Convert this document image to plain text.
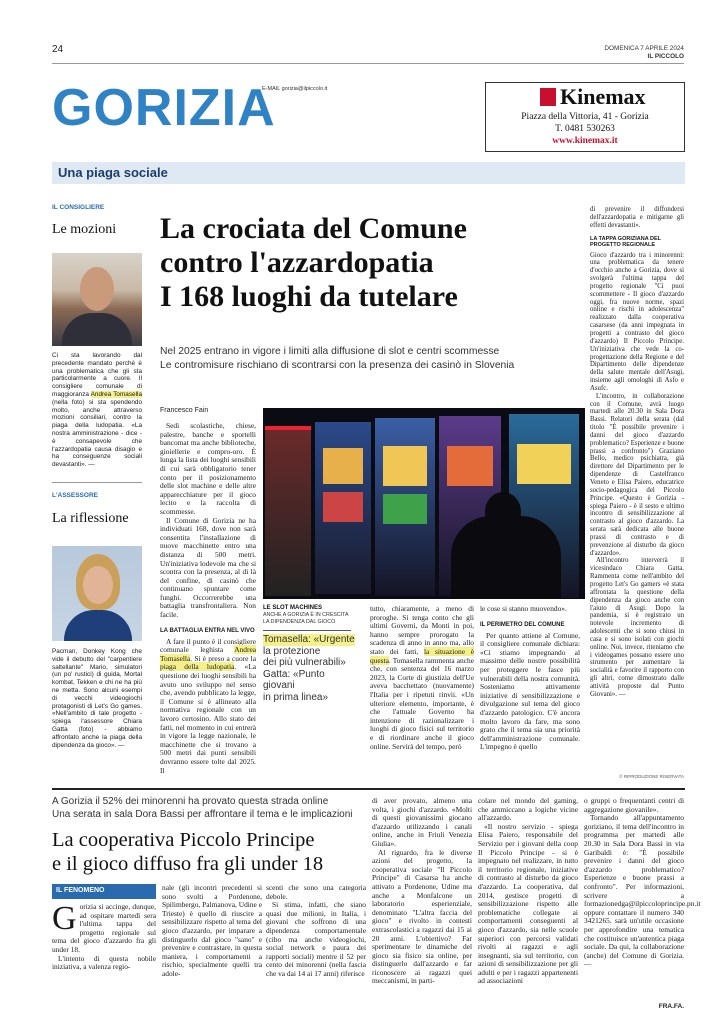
24	DOMENICA 7 APRILE 2024
IL PICCOLO
GORIZIA
E-MAIL gorizia@ilpiccolo.it	Kinemax
Piazza della Vittoria, 41 - Gorizia
T. 0481 530263
www.kinemax.it
Una piaga sociale
IL CONSIGLIERE
Le mozioni
Ci sta lavorando dal precedente mandato perché è una problematica che gli sta particolarmente a cuore. Il consigliere comunale di maggioranza Andrea Tomasella (nella foto) si sta spendendo molto, anche attraverso mozioni consiliari, contro la piaga della ludopatia. «La nostra amministrazione - dice - è consapevole che l'azzardopatia causa disagio e ha conseguenze sociali devastanti». —
L'ASSESSORE
La riflessione
Pacman, Donkey Kong che vide il debutto del "carpentiere saltellante" Mario, simulatori (un po' rustici) di guida, Mortal kombat, Tekken e chi ne ha più ne metta. Sono alcuni esempi di vecchi videogiochi protagonisti di Let's Go games. «Nell'ambito di tale progetto - spiega l'assessore Chiara Gatta (foto) - abbiamo affrontato anche la piaga della dipendenza da gioco». —
La crociata del Comune
contro l'azzardopatia
I 168 luoghi da tutelare
Nel 2025 entrano in vigore i limiti alla diffusione di slot e centri scommesse
Le contromisure rischiano di scontrarsi con la presenza dei casinò in Slovenia
Francesco Fain

Sedi scolastiche, chiese, palestre, banche e sportelli bancomat ma anche biblioteche, gioiellerie e compro-oro. È lunga la lista dei luoghi sensibili di cui sarà obbligatorio tener conto per il posizionamento delle slot machine e delle altre apparecchiature per il gioco lecito e la raccolta di scommesse.

Il Comune di Gorizia ne ha individuati 168, dove non sarà consentita l'installazione di nuove macchinette entro una distanza di 500 metri. Un'iniziativa lodevole ma che si scontra con la presenza, al di là del confine, di casinò che continuano spuntare come funghi. Occorrerebbe una battaglia transfrontaliera. Non facile.

LA BATTAGLIA ENTRA NEL VIVO

A fare il punto è il consigliere comunale leghista Andrea Tomasella. Si è preso a cuore la piaga della ludopatia. «La questione dei luoghi sensibili ha avuto uno sviluppo nel senso che, avendo pubblicato la legge, il Comune si è allineato alla normativa regionale con un lavoro certosino. Allo stato dei fatti, nel momento in cui entrerà in vigore la legge nazionale, le macchinette che si trovano a 500 metri dai punti sensibili dovranno essere tolte dal 2025. Il

LE SLOT MACHINES
ANCHE A GORIZIA È IN CRESCITA
LA DIPENDENZA DAL GIOCO
Tomasella: «Urgente
la protezione
dei più vulnerabili»
Gatta: «Punto giovani
in prima linea»

tutto, chiaramente, a meno di proroghe. Si tenga conto che gli ultimi Governi, da Monti in poi, hanno sempre prorogato la scadenza di anno in anno ma, allo stato dei fatti, la situazione è questa. Tomasella rammenta anche che, con sentenza del 16 marzo 2023, la Corte di giustizia dell'Ue aveva bacchettato (nuovamente) l'Italia per i ripetuti rinvii. «Un ulteriore elemento, importante, è che l'attuale Governo ha intenzione di razionalizzare i luoghi di gioco fisici sul territorio e di riordinare anche il gioco online. Servirà del tempo, però

le cose si stanno muovendo».

IL PERIMETRO DEL COMUNE

Per quanto attiene al Comune, il consigliere comunale dichiara: «Ci stiamo impegnando al massimo delle nostre possibilità per proteggere le fasce più vulnerabili della nostra comunità. Sosteniamo attivamente iniziative di sensibilizzazione e divulgazione sul tema del gioco d'azzardo patologico. C'è ancora molto lavoro da fare, ma sono grato che il tema sia una priorità dell'amministrazione comunale. L'impegno è quello

di prevenire il diffondersi dell'azzardopatia e mitigarne gli effetti devastanti».

LA TAPPA GORIZIANA DEL PROGETTO REGIONALE

Gioco d'azzardo tra i minorenni: una problematica da tenere d'occhio anche a Gorizia, dove si svolgerà l'ultima tappa del progetto regionale "Ci puoi scommettere - Il gioco d'azzardo oggi, fra nuove norme, spazi online e rischi in adolescenza" realizzato dalla cooperativa casarsese (da anni impegnata in progetti a contrasto del gioco d'azzardo) Il Piccolo Principe. Un'iniziativa che vede la co-progettazione della Regione e del Dipartimento delle dipendenze della salute mentale dell'Asugi, insieme agli omologhi di Asfo e Asufc.

L'incontro, in collaborazione con il Comune, avrà luogo martedì alle 20.30 in Sala Dora Bassi. Relatori della serata (dal titolo "È possibile prevenire i danni del gioco d'azzardo problematico? Esperienze e buone prassi a confronto") Graziano Bello, medico psichiatra, già direttore del Dipartimento per le dipendenze di Castelfranco Veneto e Elisa Paiero, educatrice socio-pedagogica del Piccolo Principe. «Questo è Gorizia - spiega Paiero - è il sesto e ultimo incontro di sensibilizzazione al contrasto al gioco d'azzardo. La serata sarà dedicata alle buone prassi di contrasto e di prevenzione al disturbo da gioco d'azzardo».

All'incontro interverrà il vicesindaco Chiara Gatta. Rammenta come nell'ambito del progetto Let's Go gamers «è stata affrontata la questione della dipendenza da gioco anche con l'aiuto di Asugi. Dopo la pandemia, si è registrato un notevole incremento di adolescenti che si sono chiusi in casa e si sono isolati con giochi online. Noi, invece, riteniamo che i videogames possano essere uno strumento per aumentare la socialità e favorire il rapporto con gli altri, come dimostrato dalle attività proposte dal Punto Giovani». —

© RIPRODUZIONE RISERVATA
A Gorizia il 52% dei minorenni ha provato questa strada online
Una serata in sala Dora Bassi per affrontare il tema e le implicazioni
La cooperativa Piccolo Principe
e il gioco diffuso fra gli under 18
IL FENOMENO
G orizia si accinge, dunque, ad ospitare martedì sera l'ultima tappa del progetto regionale sul tema del gioco d'azzardo fra gli under 18.

L'intento di questa nobile iniziativa, a valenza regio-

nale (gli incontri precedenti si sono svolti a Pordenone, Spilimbergo, Palmanova, Udine e Trieste) è quello di riuscire a sensibilizzare rispetto al tema del gioco d'azzardo, per imparare a distinguerlo dal gioco "sano" e prevenire e contrastare, in questa maniera, i comportamenti a rischio, specialmente quelli tra adole-

scenti che sono una categoria debole.

Si stima, infatti, che siano quasi due milioni, in Italia, i giovani che soffrono di una dipendenza comportamentale (cibo ma anche videogiochi, social network e paura dei rapporti sociali) mentre il 52 per cento dei minorenni (nella fascia che va dai 14 ai 17 anni) riferisce

di aver provato, almeno una volta, i giochi d'azzardo. «Molti di questi giovanissimi giocano d'azzardo utilizzando i canali online, anche in Friuli Venezia Giulia».

Al riguardo, fra le diverse azioni del progetto, la cooperativa sociale "Il Piccolo Principe" di Casarsa ha anche attivato a Pordenone, Udine ma anche a Monfalcone un laboratorio esperienziale, denominato "L'altra faccia del gioco" e rivolto in contesti extrascolastici a ragazzi dai 15 ai 20 anni. L'obiettivo? Far sperimentare le dinamiche del gioco sia fisico sia online, per distinguerlo dall'azzardo e far riconoscere ai ragazzi quei meccanismi, in parti-

colare nel mondo del gaming, che ammiccano a logiche vicine all'azzardo.

«Il nostro servizio - spiega Elisa Paiero, responsabile del Servizio per i giovani della coop Il Piccolo Principe - si è impegnato nel realizzare, in tutto il territorio regionale, iniziative di contrasto al disturbo da gioco d'azzardo. La cooperativa, dal 2014, gestisce progetti di sensibilizzazione rispetto alle problematiche collegate ai comportamenti conseguenti al gioco d'azzardo, sia nelle scuole superiori con percorsi validati rivolti ai ragazzi e agli insegnanti, sia sul territorio, con azioni di sensibilizzazione per gli adulti e per i ragazzi appartenenti ad associazioni

o gruppi o frequentanti centri di aggregazione giovanile».

Tornando all'appuntamento goriziano, il tema dell'incontro in programma per martedì alle 20.30 in Sala Dora Bassi in via Garibaldi è: "È possibile prevenire i danni del gioco d'azzardo problematico? Esperienze e buone prassi a confronto". Per informazioni, scrivere a formazionedga@ilpiccoloprincipe.pn.it oppure contattare il numero 340 3421265. sarà un'utile occasione per approfondire una tematica che costituisce un'autentica piaga sociale. Da qui, la collaborazione (anche) del Comune di Gorizia. —

FRA.FA.
